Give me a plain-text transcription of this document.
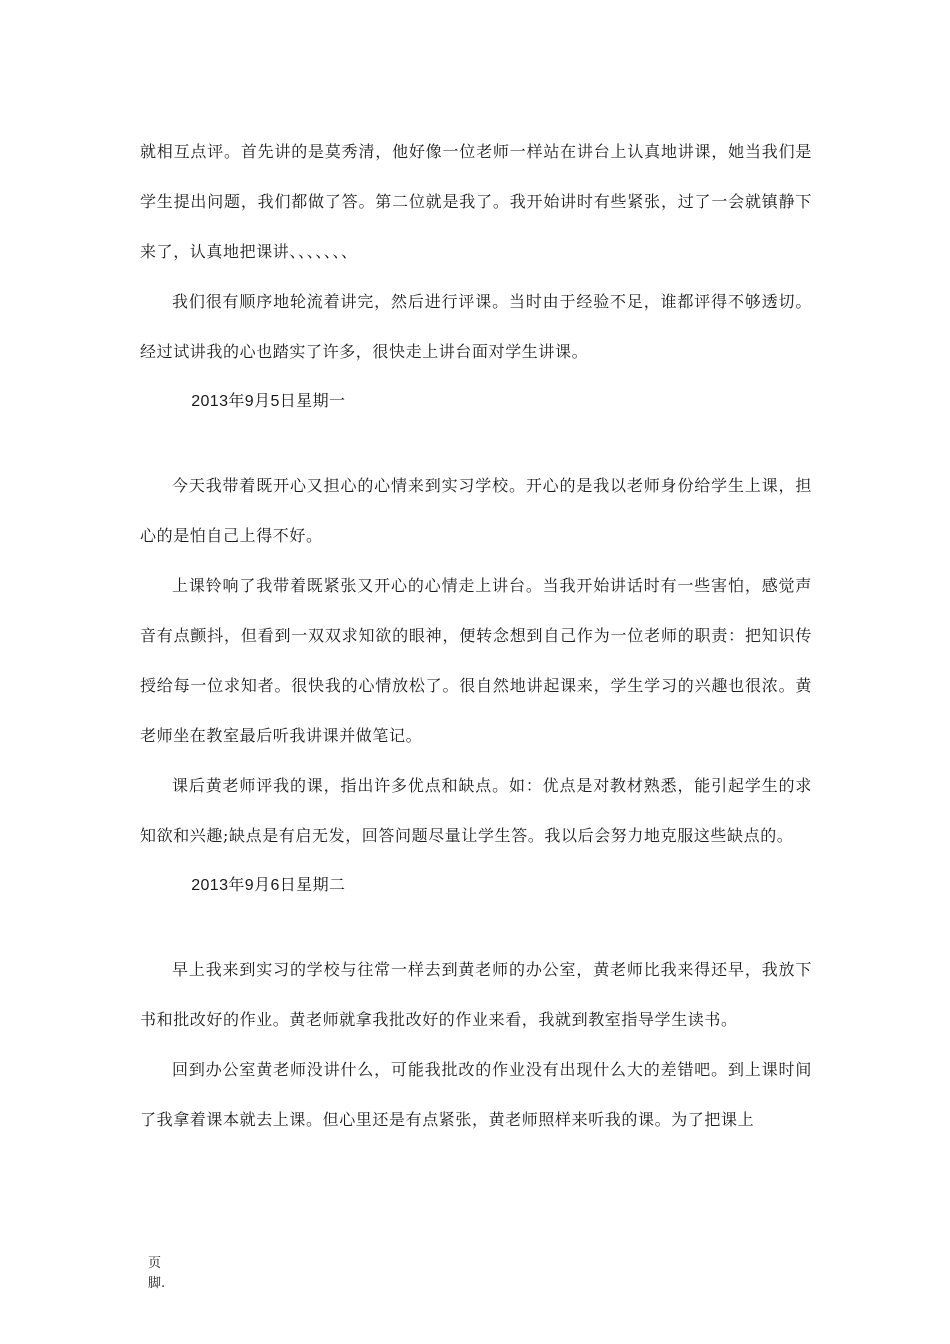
就相互点评。首先讲的是莫秀清，他好像一位老师一样站在讲台上认真地讲课，她当我们是学生提出问题，我们都做了答。第二位就是我了。我开始讲时有些紧张，过了一会就镇静下来了，认真地把课讲、、、、、、、

我们很有顺序地轮流着讲完，然后进行评课。当时由于经验不足，谁都评得不够透切。经过试讲我的心也踏实了许多，很快走上讲台面对学生讲课。

2013年9月5日星期一

今天我带着既开心又担心的心情来到实习学校。开心的是我以老师身份给学生上课，担心的是怕自己上得不好。

上课铃响了我带着既紧张又开心的心情走上讲台。当我开始讲话时有一些害怕，感觉声音有点颤抖，但看到一双双求知欲的眼神，便转念想到自己作为一位老师的职责：把知识传授给每一位求知者。很快我的心情放松了。很自然地讲起课来，学生学习的兴趣也很浓。黄老师坐在教室最后听我讲课并做笔记。

课后黄老师评我的课，指出许多优点和缺点。如：优点是对教材熟悉，能引起学生的求知欲和兴趣;缺点是有启无发，回答问题尽量让学生答。我以后会努力地克服这些缺点的。

2013年9月6日星期二

早上我来到实习的学校与往常一样去到黄老师的办公室，黄老师比我来得还早，我放下书和批改好的作业。黄老师就拿我批改好的作业来看，我就到教室指导学生读书。

回到办公室黄老师没讲什么，可能我批改的作业没有出现什么大的差错吧。到上课时间了我拿着课本就去上课。但心里还是有点紧张，黄老师照样来听我的课。为了把课上

页
脚.
